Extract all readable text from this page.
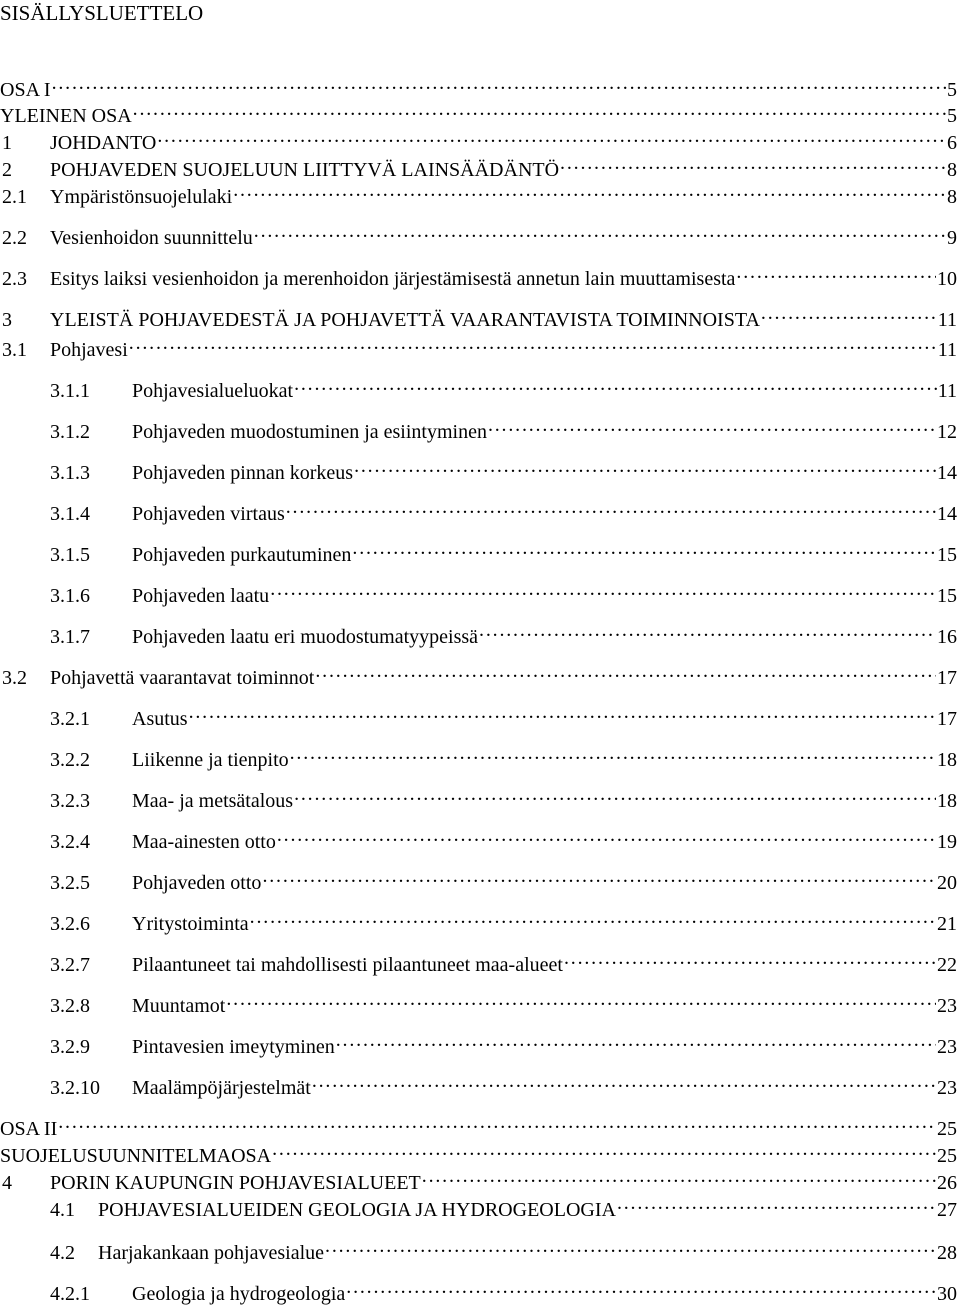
SISÄLLYSLUETTELO
OSA I . . .	5
YLEINEN OSA . . .	5
1	JOHDANTO . . .	6
2	POHJAVEDEN SUOJELUUN LIITTYVÄ LAINSÄÄDÄNTÖ . . .	8
2.1	Ympäristönsuojelulaki . . .	8
2.2	Vesienhoidon suunnittelu . . .	9
2.3	Esitys laiksi vesienhoidon ja merenhoidon järjestämisestä annetun lain muuttamisesta . . .	10
3	YLEISTÄ POHJAVEDESTÄ JA POHJAVETTÄ VAARANTAVISTA TOIMINNOISTA . . .	11
3.1	Pohjavesi . . .	11
3.1.1	Pohjavesialueluokat . . .	11
3.1.2	Pohjaveden muodostuminen ja esiintyminen . . .	12
3.1.3	Pohjaveden pinnan korkeus . . .	14
3.1.4	Pohjaveden virtaus . . .	14
3.1.5	Pohjaveden purkautuminen . . .	15
3.1.6	Pohjaveden laatu . . .	15
3.1.7	Pohjaveden laatu eri muodostumatyypeissä . . .	16
3.2	Pohjavettä vaarantavat toiminnot . . .	17
3.2.1	Asutus . . .	17
3.2.2	Liikenne ja tienpito . . .	18
3.2.3	Maa- ja metsätalous . . .	18
3.2.4	Maa-ainesten otto . . .	19
3.2.5	Pohjaveden otto . . .	20
3.2.6	Yritystoiminta . . .	21
3.2.7	Pilaantuneet tai mahdollisesti pilaantuneet maa-alueet . . .	22
3.2.8	Muuntamot . . .	23
3.2.9	Pintavesien imeytyminen . . .	23
3.2.10	Maalämpöjärjestelmät . . .	23
OSA II . . .	25
SUOJELUSUUNNITELMAOSA . . .	25
4	PORIN KAUPUNGIN POHJAVESIALUEET . . .	26
4.1	POHJAVESIALUEIDEN GEOLOGIA JA HYDROGEOLOGIA . . .	27
4.2	Harjakankaan pohjavesialue . . .	28
4.2.1	Geologia ja hydrogeologia . . .	30
